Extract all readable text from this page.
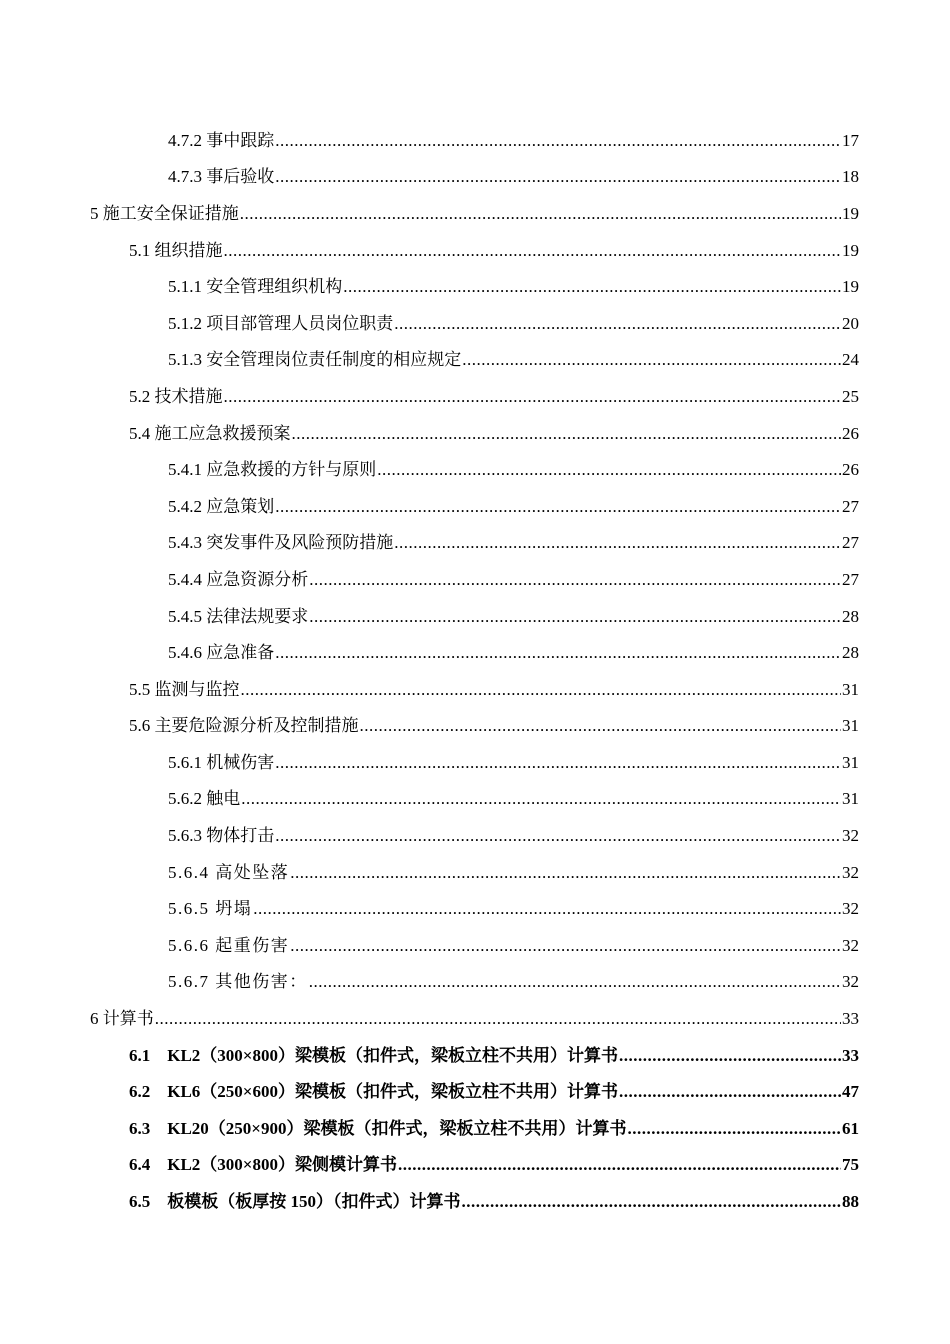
4.7.2 事中跟踪 .....	17
4.7.3 事后验收 .....	18
5 施工安全保证措施 .....	19
5.1 组织措施 .....	19
5.1.1 安全管理组织机构 .....	19
5.1.2 项目部管理人员岗位职责 .....	20
5.1.3 安全管理岗位责任制度的相应规定 .....	24
5.2 技术措施 .....	25
5.4 施工应急救援预案 .....	26
5.4.1 应急救援的方针与原则 .....	26
5.4.2 应急策划 .....	27
5.4.3 突发事件及风险预防措施 .....	27
5.4.4 应急资源分析 .....	27
5.4.5 法律法规要求 .....	28
5.4.6 应急准备 .....	28
5.5 监测与监控 .....	31
5.6 主要危险源分析及控制措施 .....	31
5.6.1 机械伤害 .....	31
5.6.2 触电 .....	31
5.6.3 物体打击 .....	32
5.6.4 高处坠落 .....	32
5.6.5 坍塌 .....	32
5.6.6 起重伤害 .....	32
5.6.7 其他伤害： .....	32
6 计算书 .....	33
6.1　KL2（300×800）梁模板（扣件式，梁板立柱不共用）计算书 .....	33
6.2　KL6（250×600）梁模板（扣件式，梁板立柱不共用）计算书 .....	47
6.3　KL20（250×900）梁模板（扣件式，梁板立柱不共用）计算书 .....	61
6.4　KL2（300×800）梁侧模计算书 .....	75
6.5　板模板（板厚按 150）（扣件式）计算书 .....	88
